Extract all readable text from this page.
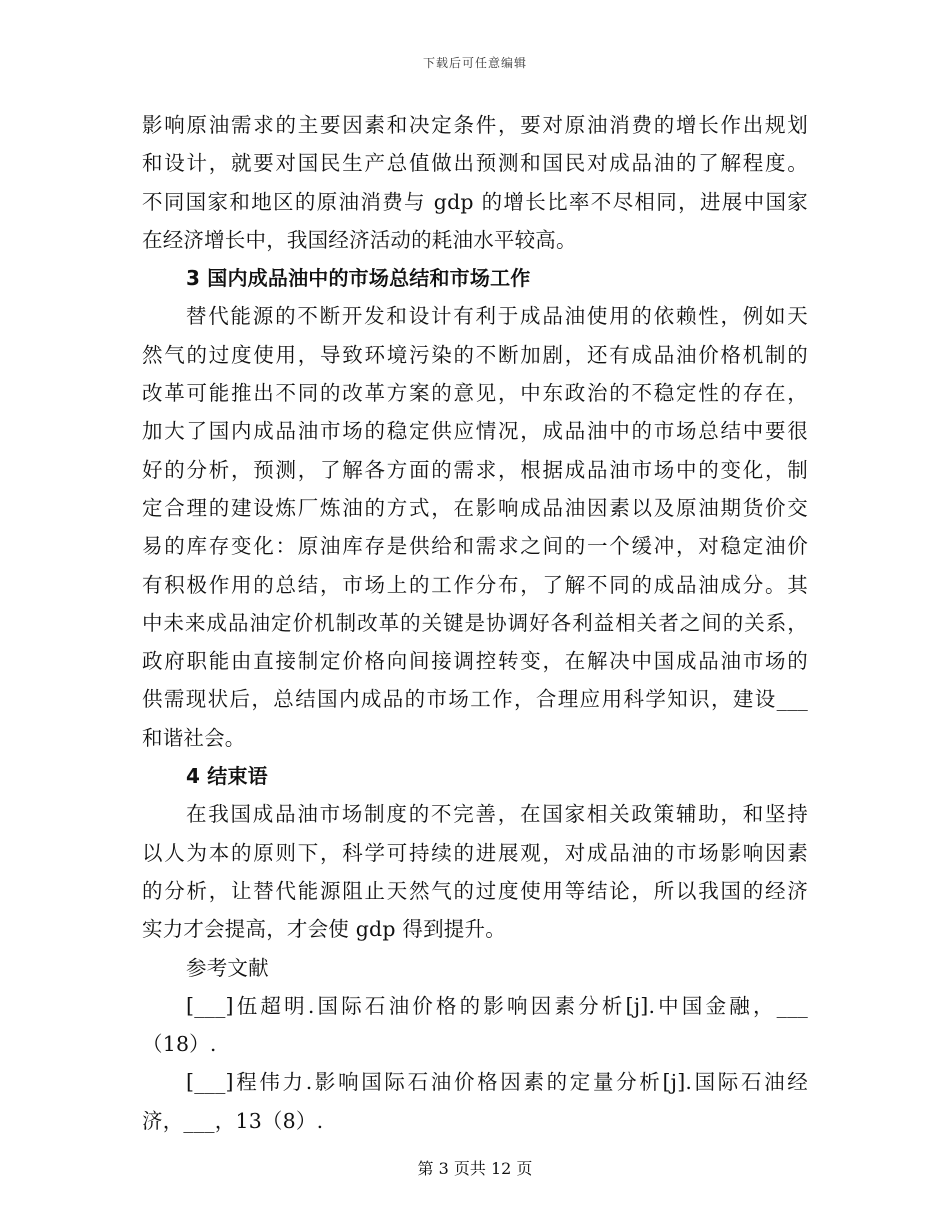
下载后可任意编辑
影响原油需求的主要因素和决定条件，要对原油消费的增长作出规划
和设计，就要对国民生产总值做出预测和国民对成品油的了解程度。
不同国家和地区的原油消费与 gdp 的增长比率不尽相同，进展中国家
在经济增长中，我国经济活动的耗油水平较高。
3 国内成品油中的市场总结和市场工作
替代能源的不断开发和设计有利于成品油使用的依赖性，例如天
然气的过度使用，导致环境污染的不断加剧，还有成品油价格机制的
改革可能推出不同的改革方案的意见，中东政治的不稳定性的存在，
加大了国内成品油市场的稳定供应情况，成品油中的市场总结中要很
好的分析，预测，了解各方面的需求，根据成品油市场中的变化，制
定合理的建设炼厂炼油的方式，在影响成品油因素以及原油期货价交
易的库存变化：原油库存是供给和需求之间的一个缓冲，对稳定油价
有积极作用的总结，市场上的工作分布，了解不同的成品油成分。其
中未来成品油定价机制改革的关键是协调好各利益相关者之间的关系，
政府职能由直接制定价格向间接调控转变，在解决中国成品油市场的
供需现状后，总结国内成品的市场工作，合理应用科学知识，建设___
和谐社会。
4 结束语
在我国成品油市场制度的不完善，在国家相关政策辅助，和坚持
以人为本的原则下，科学可持续的进展观，对成品油的市场影响因素
的分析，让替代能源阻止天然气的过度使用等结论，所以我国的经济
实力才会提高，才会使 gdp 得到提升。
参考文献
[___]伍超明.国际石油价格的影响因素分析[j].中国金融，___
（18）.
[___]程伟力.影响国际石油价格因素的定量分析[j].国际石油经
济，___，13（8）.
第 3 页共 12 页
